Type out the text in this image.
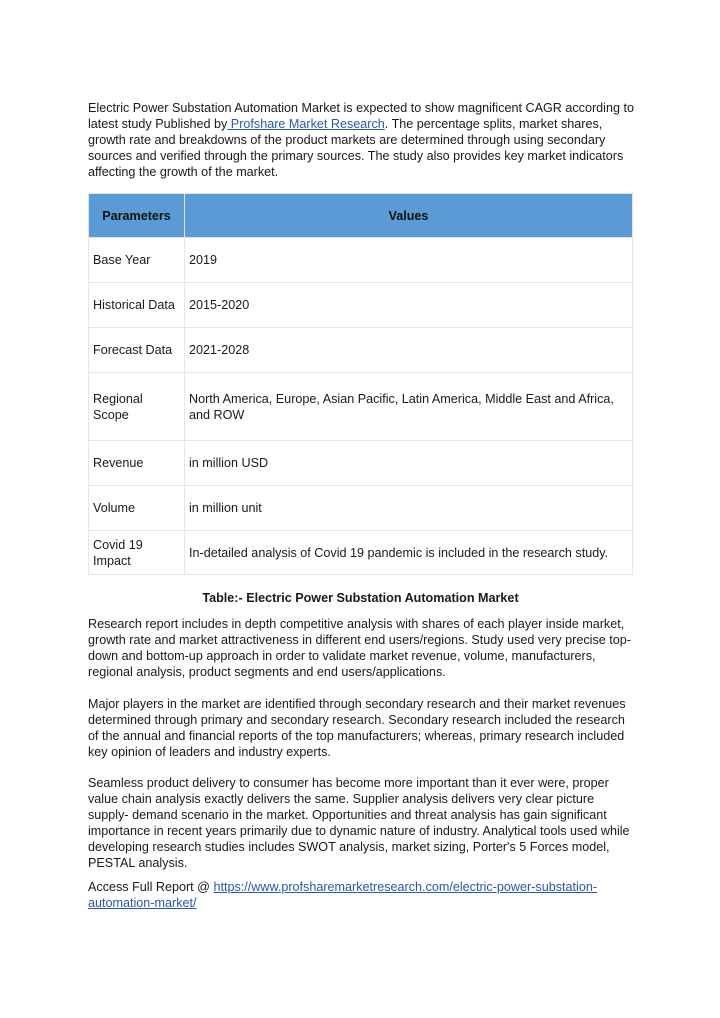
Electric Power Substation Automation Market is expected to show magnificent CAGR according to latest study Published by Profshare Market Research. The percentage splits, market shares, growth rate and breakdowns of the product markets are determined through using secondary sources and verified through the primary sources. The study also provides key market indicators affecting the growth of the market.

Parameters	Values
Base Year	2019
Historical Data	2015-2020
Forecast Data	2021-2028
Regional Scope	North America, Europe, Asian Pacific, Latin America, Middle East and Africa, and ROW
Revenue	in million USD
Volume	in million unit
Covid 19 Impact	In-detailed analysis of Covid 19 pandemic is included in the research study.

Table:- Electric Power Substation Automation Market

Research report includes in depth competitive analysis with shares of each player inside market, growth rate and market attractiveness in different end users/regions. Study used very precise top-down and bottom-up approach in order to validate market revenue, volume, manufacturers, regional analysis, product segments and end users/applications.

Major players in the market are identified through secondary research and their market revenues determined through primary and secondary research. Secondary research included the research of the annual and financial reports of the top manufacturers; whereas, primary research included key opinion of leaders and industry experts.

Seamless product delivery to consumer has become more important than it ever were, proper value chain analysis exactly delivers the same. Supplier analysis delivers very clear picture supply- demand scenario in the market. Opportunities and threat analysis has gain significant importance in recent years primarily due to dynamic nature of industry. Analytical tools used while developing research studies includes SWOT analysis, market sizing, Porter's 5 Forces model, PESTAL analysis.

Access Full Report @ https://www.profsharemarketresearch.com/electric-power-substation-automation-market/
